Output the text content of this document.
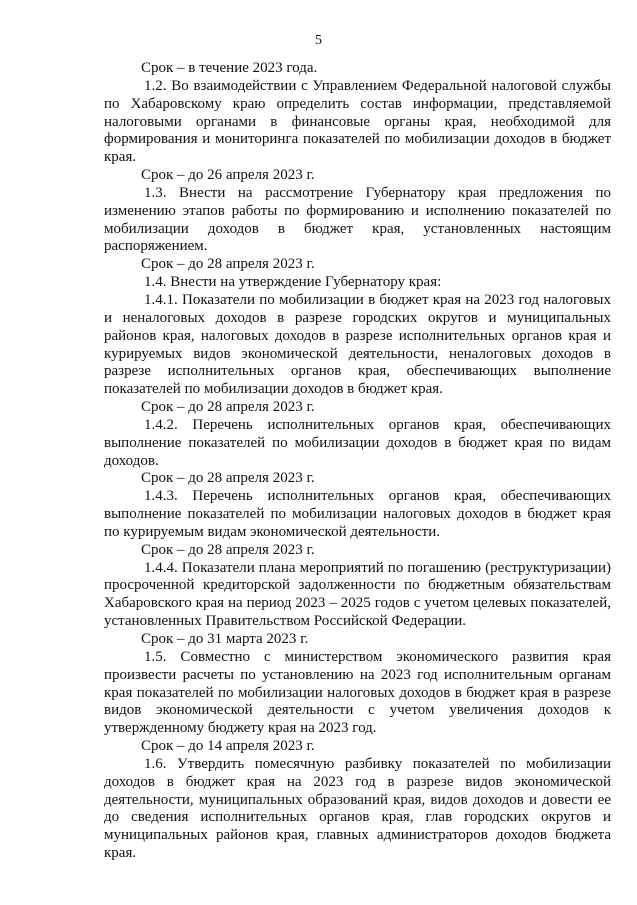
5

Срок – в течение 2023 года.

1.2. Во взаимодействии с Управлением Федеральной налоговой службы по Хабаровскому краю определить состав информации, представляемой налоговыми органами в финансовые органы края, необходимой для формирования и мониторинга показателей по мобилизации доходов в бюджет края.

Срок – до 26 апреля 2023 г.

1.3. Внести на рассмотрение Губернатору края предложения по изменению этапов работы по формированию и исполнению показателей по мобилизации доходов в бюджет края, установленных настоящим распоряжением.

Срок – до 28 апреля 2023 г.

1.4. Внести на утверждение Губернатору края:

1.4.1. Показатели по мобилизации в бюджет края на 2023 год налоговых и неналоговых доходов в разрезе городских округов и муниципальных районов края, налоговых доходов в разрезе исполнительных органов края и курируемых видов экономической деятельности, неналоговых доходов в разрезе исполнительных органов края, обеспечивающих выполнение показателей по мобилизации доходов в бюджет края.

Срок – до 28 апреля 2023 г.

1.4.2. Перечень исполнительных органов края, обеспечивающих выполнение показателей по мобилизации доходов в бюджет края по видам доходов.

Срок – до 28 апреля 2023 г.

1.4.3. Перечень исполнительных органов края, обеспечивающих выполнение показателей по мобилизации налоговых доходов в бюджет края по курируемым видам экономической деятельности.

Срок – до 28 апреля 2023 г.

1.4.4. Показатели плана мероприятий по погашению (реструктуризации) просроченной кредиторской задолженности по бюджетным обязательствам Хабаровского края на период 2023 – 2025 годов с учетом целевых показателей, установленных Правительством Российской Федерации.

Срок – до 31 марта 2023 г.

1.5. Совместно с министерством экономического развития края произвести расчеты по установлению на 2023 год исполнительным органам края показателей по мобилизации налоговых доходов в бюджет края в разрезе видов экономической деятельности с учетом увеличения доходов к утвержденному бюджету края на 2023 год.

Срок – до 14 апреля 2023 г.

1.6. Утвердить помесячную разбивку показателей по мобилизации доходов в бюджет края на 2023 год в разрезе видов экономической деятельности, муниципальных образований края, видов доходов и довести ее до сведения исполнительных органов края, глав городских округов и муниципальных районов края, главных администраторов доходов бюджета края.
